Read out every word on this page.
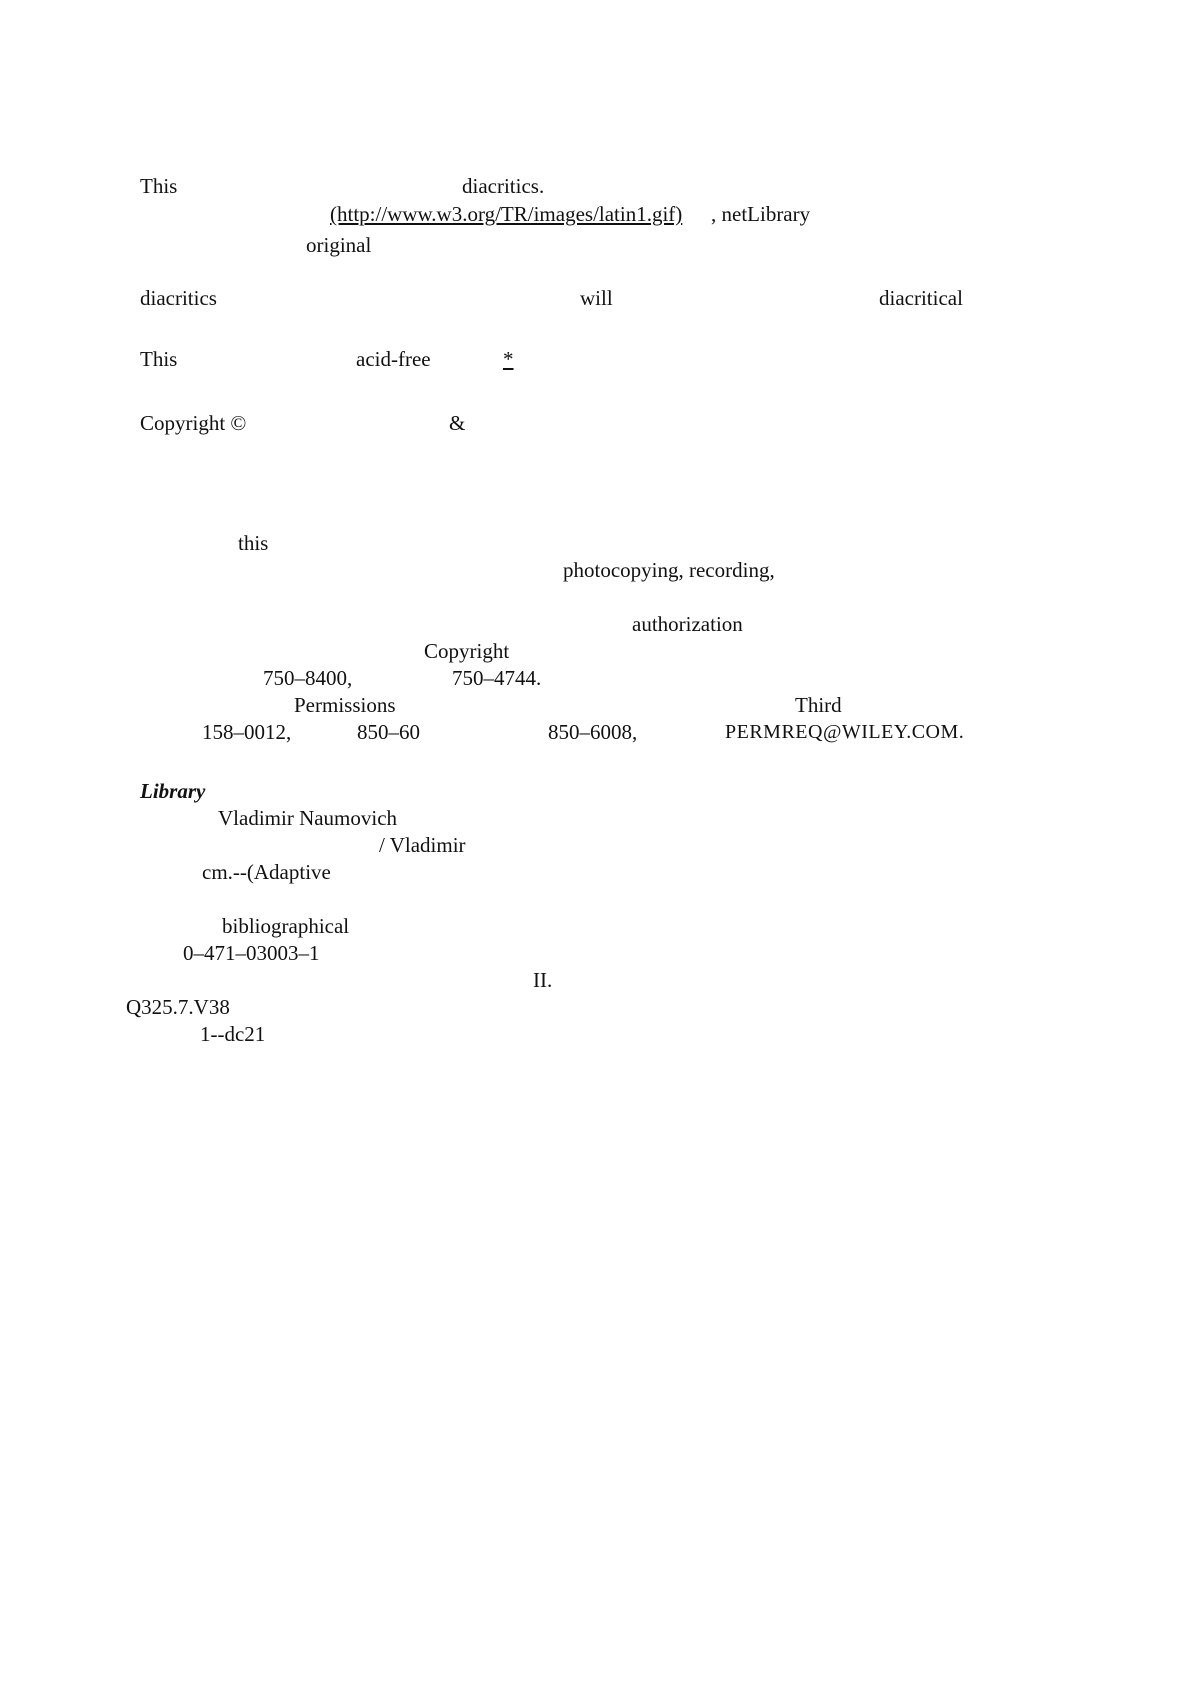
This	diacritics.
(http://www.w3.org/TR/images/latin1.gif) , netLibrary
original
diacritics	will	diacritical
This	acid-free	*
Copyright ©	&
this
photocopying, recording,
authorization
Copyright
750–8400,	750–4744.
Permissions	Third
158–0012,	850–60	850–6008,	PERMREQ@WILEY.COM.
Library
Vladimir Naumovich
/ Vladimir
cm.--(Adaptive
bibliographical
0–471–03003–1
II.
Q325.7.V38
1--dc21
